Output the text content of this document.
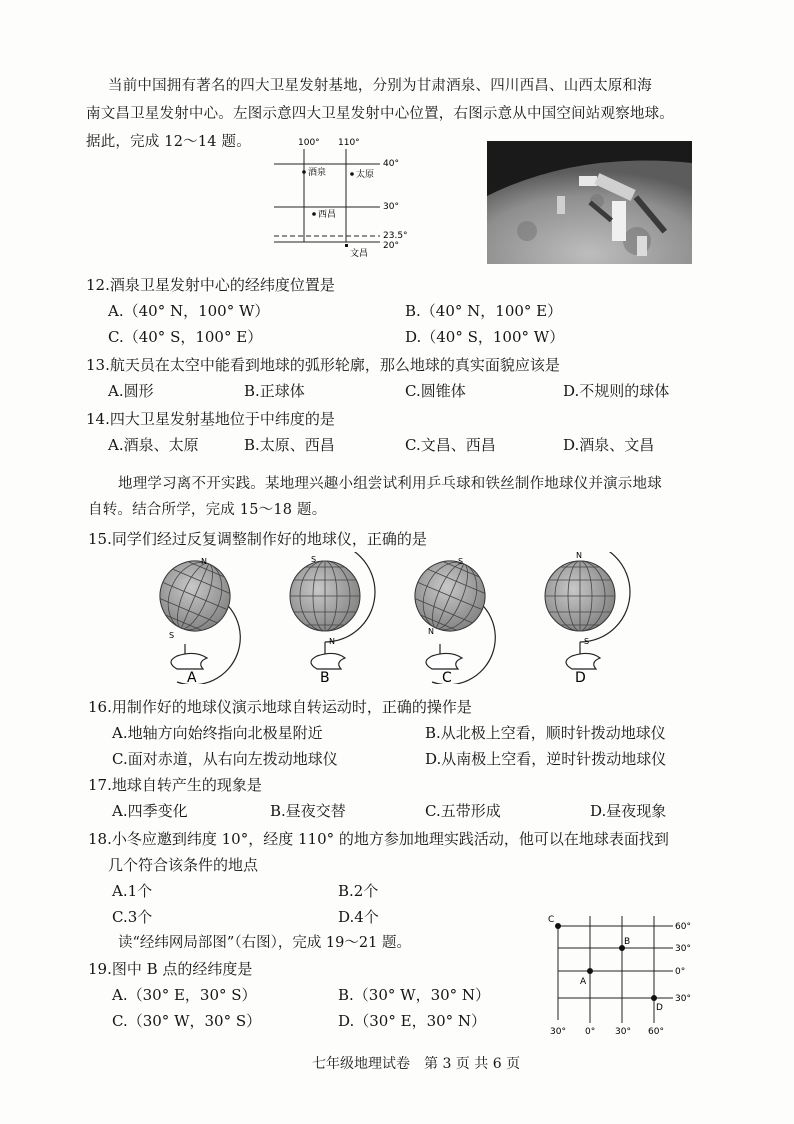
当前中国拥有著名的四大卫星发射基地，分别为甘肃酒泉、四川西昌、山西太原和海
南文昌卫星发射中心。左图示意四大卫星发射中心位置，右图示意从中国空间站观察地球。
据此，完成 12～14 题。	100° 110°
40°
30°
23.5°
20°
酒泉	太原
西昌
文昌
12.酒泉卫星发射中心的经纬度位置是
A.（40° N，100° W）	B.（40° N，100° E）
C.（40° S，100° E）	D.（40° S，100° W）
13.航天员在太空中能看到地球的弧形轮廓，那么地球的真实面貌应该是
A.圆形	B.正球体	C.圆锥体	D.不规则的球体
14.四大卫星发射基地位于中纬度的是
A.酒泉、太原	B.太原、西昌	C.文昌、西昌	D.酒泉、文昌
地理学习离不开实践。某地理兴趣小组尝试利用乒乓球和铁丝制作地球仪并演示地球
自转。结合所学，完成 15～18 题。
15.同学们经过反复调整制作好的地球仪，正确的是
N
S
A
S
N
B
S
N
C
N
S
D
16.用制作好的地球仪演示地球自转运动时，正确的操作是
A.地轴方向始终指向北极星附近	B.从北极上空看，顺时针拨动地球仪
C.面对赤道，从右向左拨动地球仪	D.从南极上空看，逆时针拨动地球仪
17.地球自转产生的现象是
A.四季变化	B.昼夜交替	C.五带形成	D.昼夜现象
18.小冬应邀到纬度 10°，经度 110° 的地方参加地理实践活动，他可以在地球表面找到
几个符合该条件的地点
A.1个	B.2个
C.3个	D.4个
读“经纬网局部图”（右图），完成 19～21 题。
19.图中 B 点的经纬度是
A.（30° E，30° S）	B.（30° W，30° N）
C.（30° W，30° S）	D.（30° E，30° N）
60°
30°
0°
30°
30° 0° 30° 60°
C
B
A
D
七年级地理试卷　第 3 页 共 6 页
